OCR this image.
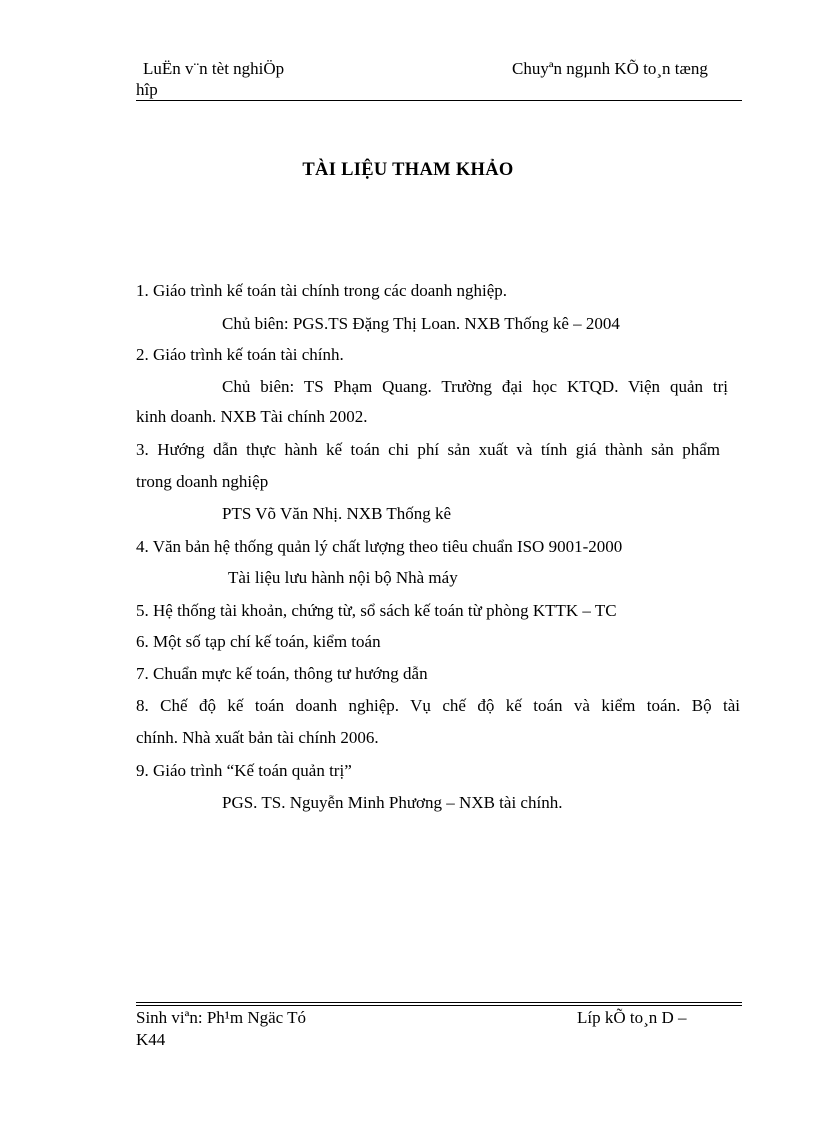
LuËn v¨n tèt nghiÖp	Chuyªn ngµnh KÕ to¸n tæng
hîp
TÀI LIỆU THAM KHẢO
1. Giáo trình kế toán tài chính trong các doanh nghiệp.
Chủ biên: PGS.TS Đặng Thị Loan. NXB Thống kê – 2004
2. Giáo trình kế toán tài chính.
Chủ biên: TS Phạm Quang. Trường đại học KTQD. Viện quản trị
kinh doanh. NXB Tài chính 2002.
3. Hướng dẫn thực hành kế toán chi phí sản xuất và tính giá thành sản phẩm
trong doanh nghiệp
PTS Võ Văn Nhị. NXB Thống kê
4. Văn bản hệ thống quản lý chất lượng theo tiêu chuẩn ISO 9001-2000
Tài liệu lưu hành nội bộ Nhà máy
5. Hệ thống tài khoản, chứng từ, sổ sách kế toán từ phòng KTTK – TC
6. Một số tạp chí kế toán, kiểm toán
7. Chuẩn mực kế toán, thông tư hướng dẫn
8. Chế độ kế toán doanh nghiệp. Vụ chế độ kế toán và kiểm toán. Bộ tài
chính. Nhà xuất bản tài chính 2006.
9. Giáo trình “Kế toán quản trị”
PGS. TS. Nguyễn Minh Phương – NXB tài chính.
Sinh viªn: Ph¹m Ngäc Tó	Líp kÕ to¸n D –
K44
